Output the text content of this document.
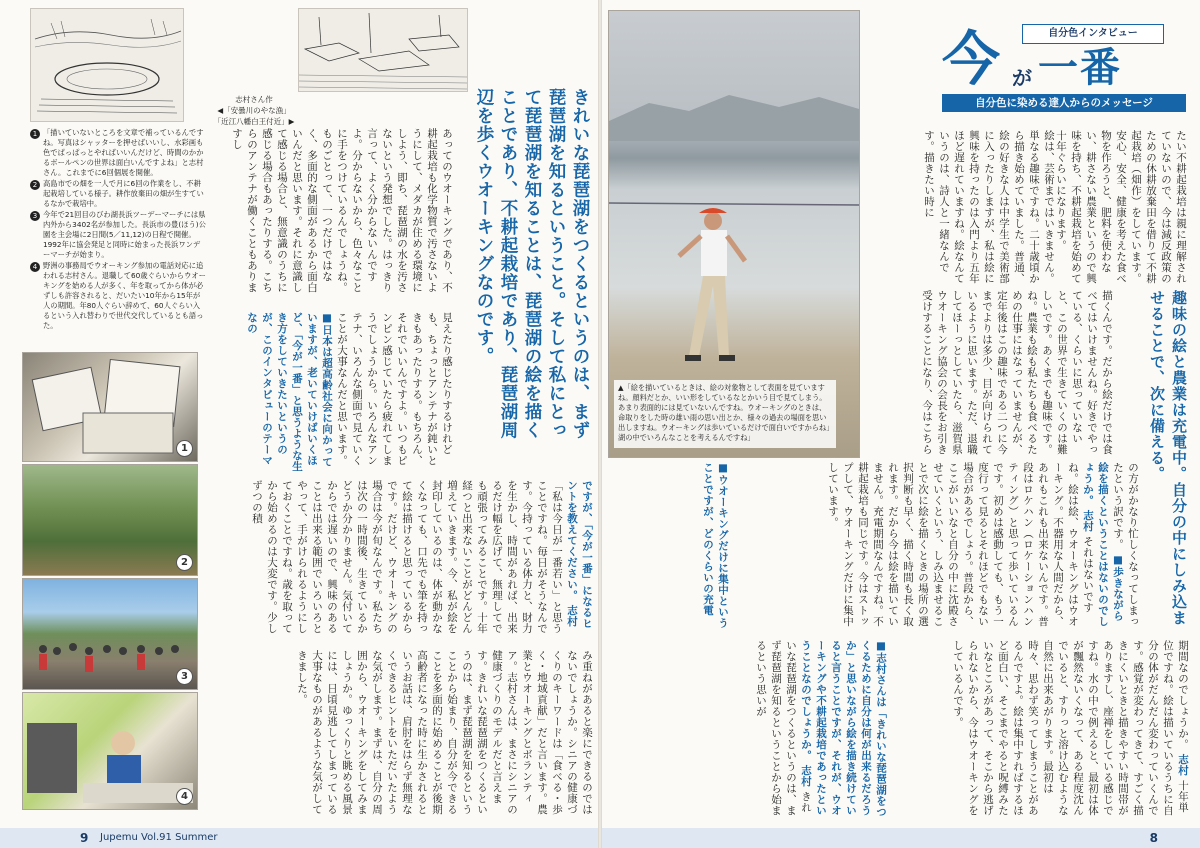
志村さん作
◀「安曇川のやな漁」
「近江八幡白王付近」▶
1 「描いていないところを文章で補っているんですね。写真はシャッターを押せばいいし、水彩画も色でぱっぱっとやればいいんだけど、時間のかかるボールペンの世界は面白いんですよね」と志村さん。これまでに6回個展を開催。
2 高島市での畑を一人で月に6回の作業をし、不耕起栽培している様子。耕作放棄田の畑が生すているなかで栽培中。
3 今年で21回目のびわ湖長浜ツーデーマーチには県内外から3402名が参加した。長浜市の豊(ほう)公園を主会場に2日間(5／11,12)の日程で開催。1992年に協会発足と同時に始まった長浜ワンデーマーチが始まり。
4 野洲の事務局でウオーキング参加の電話対応に追われる志村さん。退職して60歳ぐらいからウオーキングを始める人が多く、年を取ってから体が必ずしも許容されると、だいたい10年から15年が人の期間。年80人ぐらい辞めて、60人ぐらい入るという入れ替わりで世代交代しているとも語った。
1
2
3
4
きれいな琵琶湖をつくるというのは、まず琵琶湖を知るということ。そして私にとって琵琶湖を知ることは、琵琶湖の絵を描くことであり、不耕起栽培であり、琵琶湖周辺を歩くウオーキングなのです。
あってのウオーキングであり、不耕起栽培も化学物質で汚さないようにして、メダカが住める環境にしよう、即ち、琵琶湖の水を汚さないという発想でした。はっきり言って、よく分からないんですよ。分からないから、色々なことに手をつけているんでしょうね。ものごとって、一つだけではなく、多面的な側面があるから面白いんだと思います。それに意識して感じる場合と、無意識のうちに感じる場合もあったりする。こちらのアンテナが働くこともありますし
見えたり感じたりするけれども、ちょっとアンテナが鈍いときもあったりする。もちろん、それでいいんですよ。いつもピンピン感じていたら疲れてしまうでしょうから。いろんなアンテナ、いろんな側面で見ていくことが大事なんだと思います。 ■日本は超高齢社会に向かっていますが、老いていけばいくほど、「今が一番」と思うような生き方をしていきたいというのが、このインタビューのテーマなの
ですが、「今が一番」になるヒントを教えてください。 志村 「私は今日が一番若い」と思うことですね。毎日がそうなんです。今持っている体力と、財力を生かし、時間があれば、出来るだけ幅を広げて、無理してでも頑張ってみることです。十年経つと出来ないことがどんどん増えていきます。今、私が絵を封印しているのは、体が動かなくなっても、口先でも筆を持って絵は描けると思っているからです。だけど、ウオーキングの場合は今が旬なんです。私たちは次の一時間後、生きているかどうか分かりません。気付いてからでは遅いので、興味のあることは出来る範囲でいろいろとやって、手がけられるようにしておくことですね。歳を取ってから始めるのは大変です。少しずつの積
み重ねがあると楽にできるのではないでしょうか。シニアの健康づくりのキーワードは「食べる・歩く・地域貢献」だと言います。農業とウオーキングとボランティア。志村さんは、まさにシニアの健康づくりのモデルだと言えます。きれいな琵琶湖をつくるというのは、まず琵琶湖を知るということから始まり、自分が今できることを多面的に始めることが後期高齢者になった時に生かされるというお話は、肩肘をはらず無理なくできるヒントをいただいたような気がします。まずは、自分の周囲から、ウオーキングをしてみましょうか。ゆっくりと眺める風景には、日頃見逃してしまっている大事なものがあるような気がしてきました。
9 Jupemu Vol.91 Summer
▲「絵を描いているときは、絵の対象物として表面を見ていますね。顔料だとか、いい形をしているなとかいう目で見てしまう。あまり表面的には見ていないんですね。ウオーキングのときは、命取りをした時の雄い雨の思い出とか、様々の過去の場面を思い出しますね。ウオーキングは歩いているだけで面白いですからね」湖の中でいろんなことを考えるんですね」
自分色インタビュー
今 が 一番
自分色に染める達人からのメッセージ
たい不耕起栽培は親に理解されていないので、今は減反政策のための休耕放棄田を借りて不耕起栽培（畑作）をしています。安心、安全、健康を考えた食べ物を作ろうと、肥料を使わない、耕さない農業というので興味を持ち、不耕起栽培を始めて十年ぐらいになります。
絵は、芸術まではいきません。単なる趣味ですね。二十歳頃から描き始めていました。普通、絵の好きな人は中学生で美術部に入ったりしますが、私は絵に興味を持ったのは入門より五年ほど遅れていますね。絵なんていうのは、詩人と一緒なんです。描きたい時に
趣味の絵と農業は充電中。自分の中にしみ込ませることで、次に備える。
描くんです。だから絵だけでは食べてはいけませんね。好きでやっている、くらいに思っていないと、この世界で生きていくのは難しいです。あくまでも趣味です。ね。農業も絵も私たちも食べるための仕事にはなっていませんが、定年後はこの趣味である二つに今までよりは多少、目が向けられているように思います。ただ、退職してほーっとしていたら、滋賀県ウオーキング協会の会長をお引き受けすることになり、今はこちら
の方がかなり忙しくなってしまったという訳です。 ■歩きながら絵を描くということはないのでしょうか。 志村 それはないですね。絵は絵、ウオーキングはウオーキング。不器用な人間だから、あれもこれも出来ないんです。普段はロケハン（ロケーションハンティング）と思って歩いているんです。初めは感動しても、もう一度行って見るとそれほどでもない場合があるでしょう。普段から、ここがいいなと自分の中に沈殿させていくという、しみ込ませることで次に絵を描くときの場所の選択判断も早く、描く時間も長く取れます。だから今は絵を描いていません。充電期間なんですね。不耕起栽培も同じです。今はストップして、ウオーキングだけに集中しています。
■ウオーキングだけに集中ということですが、どのくらいの充電
期間なのでしょうか。 志村 十年単位ですね。絵は描いているうちに自分の体がだんだん変わっていくんです。感覚が変わってきて、すごく描きにくいときと描きやすい時間帯がありますし、座禅をしている感じですね。水の中で例えると、最初は体が飄然ないくなって、ある程度沈んでいると、すりっと溶け込むような自然に出来あがります。最初は時々、思わず笑ってしまうことがあるんですよ。絵は集中すればするほど面白い、そこまでやると呪縛みたいなところがあって、そこから逃げられないから、今はウオーキングをしているんです。
■志村さんは「きれいな琵琶湖をつくるために自分は何が出来るだろうか」と思いながら絵を描き続けていると言うことですが、それが、ウオーキングや不耕起栽培であったということなのでしょうか。 志村 きれいな琵琶湖をつくるというのは、まず琵琶湖を知るということから始まるという思いが
8
